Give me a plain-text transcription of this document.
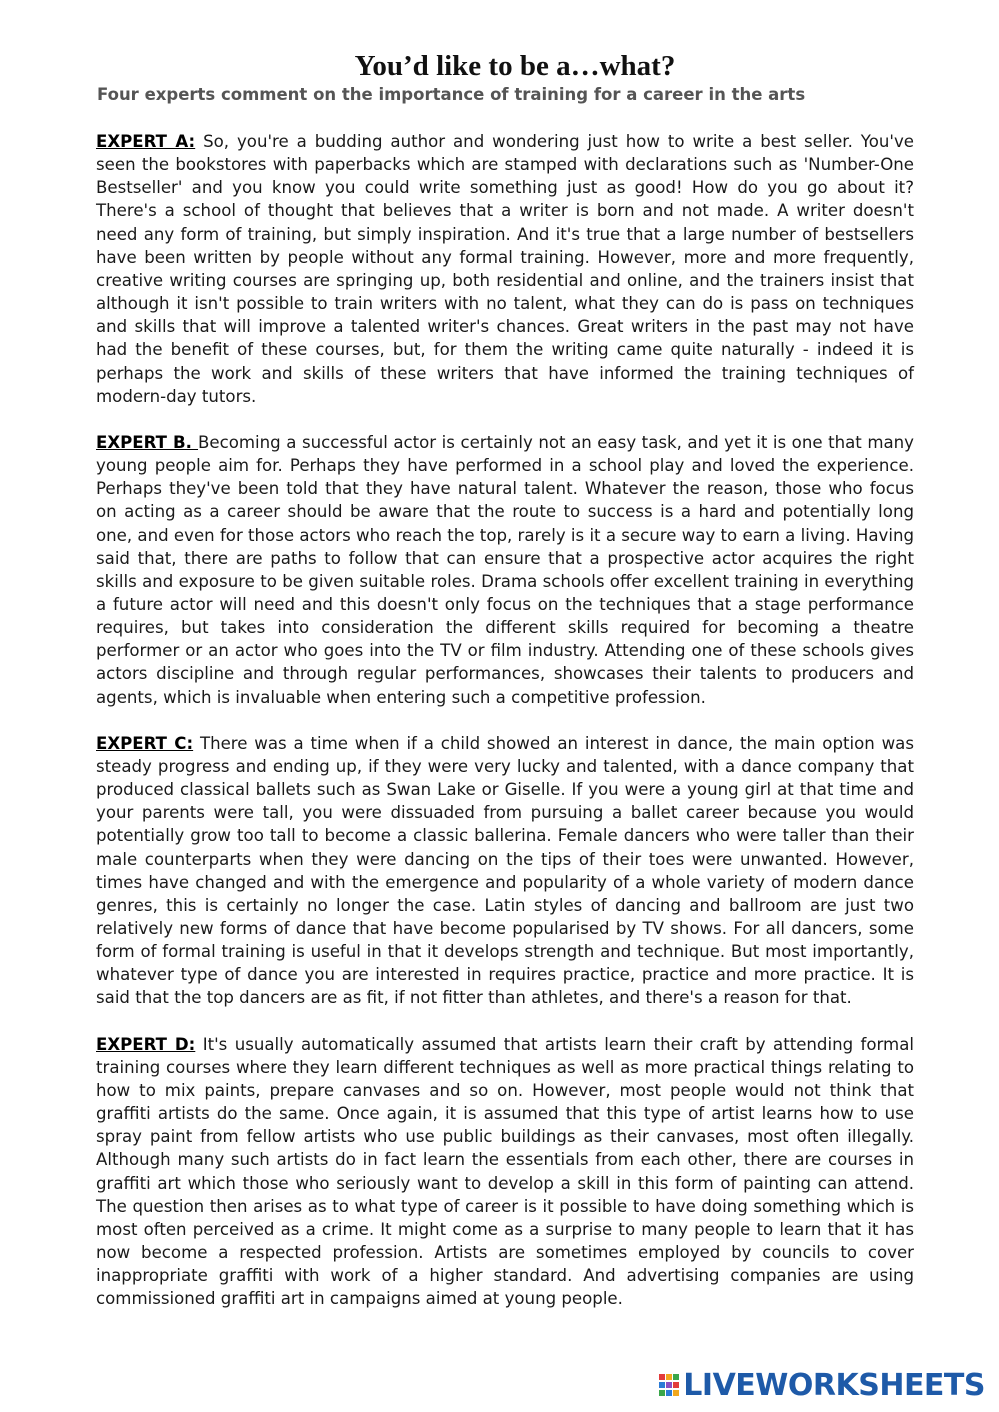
You’d like to be a…what?

Four experts comment on the importance of training for a career in the arts

EXPERT A: So, you're a budding author and wondering just how to write a best seller. You've seen the bookstores with paperbacks which are stamped with declarations such as 'Number-One Bestseller' and you know you could write something just as good! How do you go about it? There's a school of thought that believes that a writer is born and not made. A writer doesn't need any form of training, but simply inspiration. And it's true that a large number of bestsellers have been written by people without any formal training. However, more and more frequently, creative writing courses are springing up, both residential and online, and the trainers insist that although it isn't possible to train writers with no talent, what they can do is pass on techniques and skills that will improve a talented writer's chances. Great writers in the past may not have had the benefit of these courses, but, for them the writing came quite naturally - indeed it is perhaps the work and skills of these writers that have informed the training techniques of modern-day tutors.

EXPERT B. Becoming a successful actor is certainly not an easy task, and yet it is one that many young people aim for. Perhaps they have performed in a school play and loved the experience. Perhaps they've been told that they have natural talent. Whatever the reason, those who focus on acting as a career should be aware that the route to success is a hard and potentially long one, and even for those actors who reach the top, rarely is it a secure way to earn a living. Having said that, there are paths to follow that can ensure that a prospective actor acquires the right skills and exposure to be given suitable roles. Drama schools offer excellent training in everything a future actor will need and this doesn't only focus on the techniques that a stage performance requires, but takes into consideration the different skills required for becoming a theatre performer or an actor who goes into the TV or film industry. Attending one of these schools gives actors discipline and through regular performances, showcases their talents to producers and agents, which is invaluable when entering such a competitive profession.

EXPERT C: There was a time when if a child showed an interest in dance, the main option was steady progress and ending up, if they were very lucky and talented, with a dance company that produced classical ballets such as Swan Lake or Giselle. If you were a young girl at that time and your parents were tall, you were dissuaded from pursuing a ballet career because you would potentially grow too tall to become a classic ballerina. Female dancers who were taller than their male counterparts when they were dancing on the tips of their toes were unwanted. However, times have changed and with the emergence and popularity of a whole variety of modern dance genres, this is certainly no longer the case. Latin styles of dancing and ballroom are just two relatively new forms of dance that have become popularised by TV shows. For all dancers, some form of formal training is useful in that it develops strength and technique. But most importantly, whatever type of dance you are interested in requires practice, practice and more practice. It is said that the top dancers are as fit, if not fitter than athletes, and there's a reason for that.

EXPERT D: It's usually automatically assumed that artists learn their craft by attending formal training courses where they learn different techniques as well as more practical things relating to how to mix paints, prepare canvases and so on. However, most people would not think that graffiti artists do the same. Once again, it is assumed that this type of artist learns how to use spray paint from fellow artists who use public buildings as their canvases, most often illegally. Although many such artists do in fact learn the essentials from each other, there are courses in graffiti art which those who seriously want to develop a skill in this form of painting can attend. The question then arises as to what type of career is it possible to have doing something which is most often perceived as a crime. It might come as a surprise to many people to learn that it has now become a respected profession. Artists are sometimes employed by councils to cover inappropriate graffiti with work of a higher standard. And advertising companies are using commissioned graffiti art in campaigns aimed at young people.

LIVEWORKSHEETS
